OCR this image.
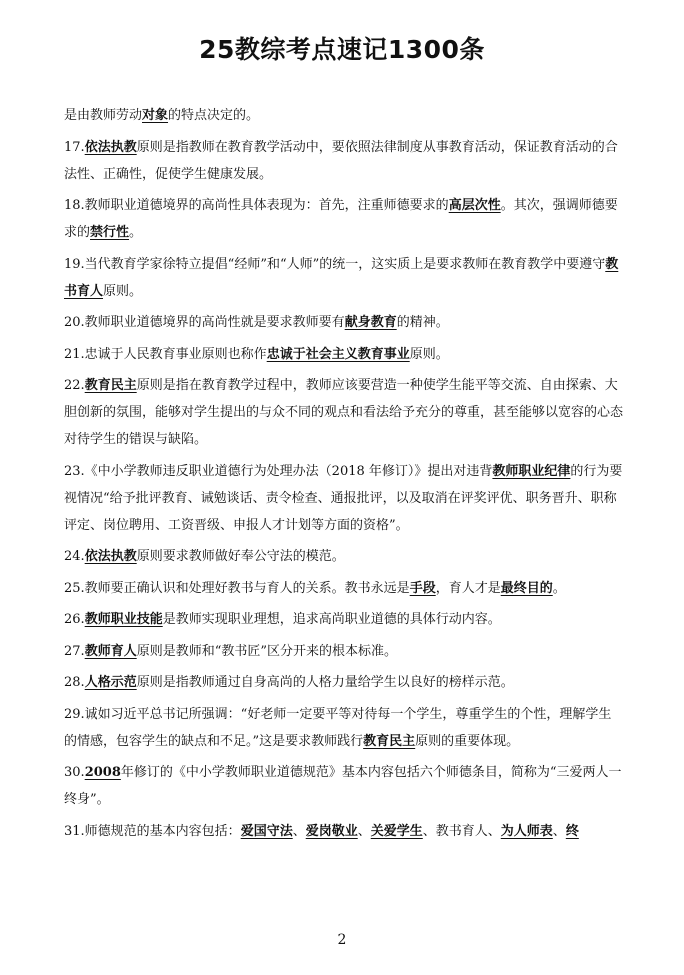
25教综考点速记1300条

是由教师劳动对象的特点决定的。

17.依法执教原则是指教师在教育教学活动中，要依照法律制度从事教育活动，保证教育活动的合法性、正确性，促使学生健康发展。

18.教师职业道德境界的高尚性具体表现为：首先，注重师德要求的高层次性。其次，强调师德要求的禁行性。

19.当代教育学家徐特立提倡“经师”和“人师”的统一，这实质上是要求教师在教育教学中要遵守教书育人原则。

20.教师职业道德境界的高尚性就是要求教师要有献身教育的精神。

21.忠诚于人民教育事业原则也称作忠诚于社会主义教育事业原则。

22.教育民主原则是指在教育教学过程中，教师应该要营造一种使学生能平等交流、自由探索、大胆创新的氛围，能够对学生提出的与众不同的观点和看法给予充分的尊重，甚至能够以宽容的心态对待学生的错误与缺陷。

23.《中小学教师违反职业道德行为处理办法（2018 年修订）》提出对违背教师职业纪律的行为要视情况“给予批评教育、诫勉谈话、责令检查、通报批评，以及取消在评奖评优、职务晋升、职称评定、岗位聘用、工资晋级、申报人才计划等方面的资格”。

24.依法执教原则要求教师做好奉公守法的模范。

25.教师要正确认识和处理好教书与育人的关系。教书永远是手段，育人才是最终目的。

26.教师职业技能是教师实现职业理想，追求高尚职业道德的具体行动内容。

27.教师育人原则是教师和“教书匠”区分开来的根本标准。

28.人格示范原则是指教师通过自身高尚的人格力量给学生以良好的榜样示范。

29.诚如习近平总书记所强调：“好老师一定要平等对待每一个学生，尊重学生的个性，理解学生的情感，包容学生的缺点和不足。”这是要求教师践行教育民主原则的重要体现。

30.2008年修订的《中小学教师职业道德规范》基本内容包括六个师德条目，简称为“三爱两人一终身”。

31.师德规范的基本内容包括：爱国守法、爱岗敬业、关爱学生、教书育人、为人师表、终

2
